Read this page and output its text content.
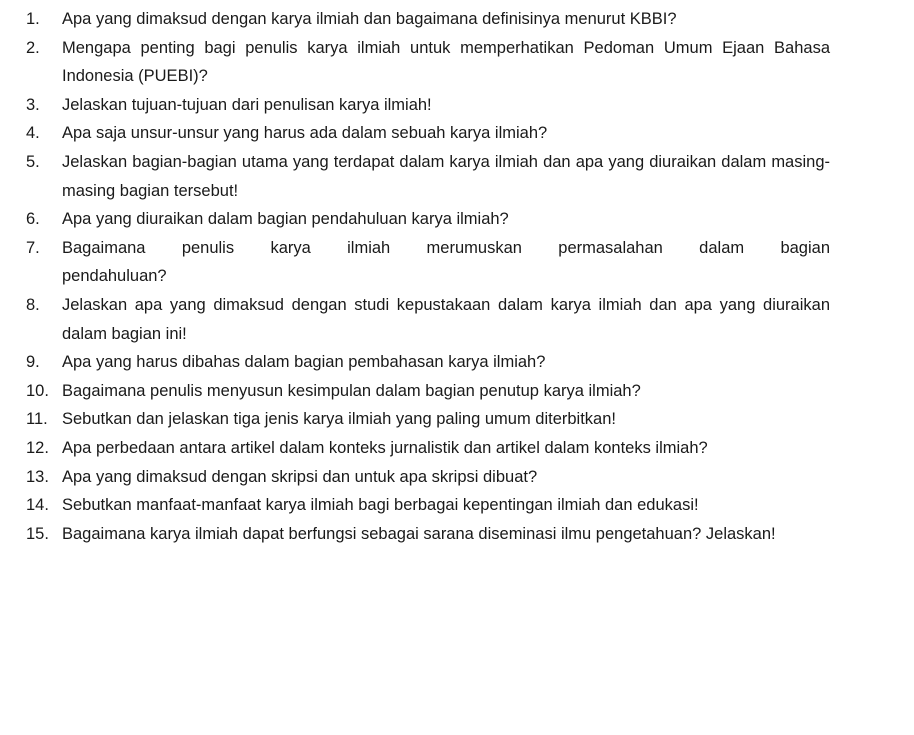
1.	Apa yang dimaksud dengan karya ilmiah dan bagaimana definisinya menurut KBBI?
2.	Mengapa penting bagi penulis karya ilmiah untuk memperhatikan Pedoman Umum Ejaan Bahasa Indonesia (PUEBI)?
3.	Jelaskan tujuan-tujuan dari penulisan karya ilmiah!
4.	Apa saja unsur-unsur yang harus ada dalam sebuah karya ilmiah?
5.	Jelaskan bagian-bagian utama yang terdapat dalam karya ilmiah dan apa yang diuraikan dalam masing-masing bagian tersebut!
6.	Apa yang diuraikan dalam bagian pendahuluan karya ilmiah?
7.	Bagaimana penulis karya ilmiah merumuskan permasalahan dalam bagian
pendahuluan?
8.	Jelaskan apa yang dimaksud dengan studi kepustakaan dalam karya ilmiah dan apa yang diuraikan dalam bagian ini!
9.	Apa yang harus dibahas dalam bagian pembahasan karya ilmiah?
10. Bagaimana penulis menyusun kesimpulan dalam bagian penutup karya ilmiah?
11. Sebutkan dan jelaskan tiga jenis karya ilmiah yang paling umum diterbitkan!
12. Apa perbedaan antara artikel dalam konteks jurnalistik dan artikel dalam konteks ilmiah?
13. Apa yang dimaksud dengan skripsi dan untuk apa skripsi dibuat?
14. Sebutkan manfaat-manfaat karya ilmiah bagi berbagai kepentingan ilmiah dan edukasi!
15. Bagaimana karya ilmiah dapat berfungsi sebagai sarana diseminasi ilmu pengetahuan? Jelaskan!
